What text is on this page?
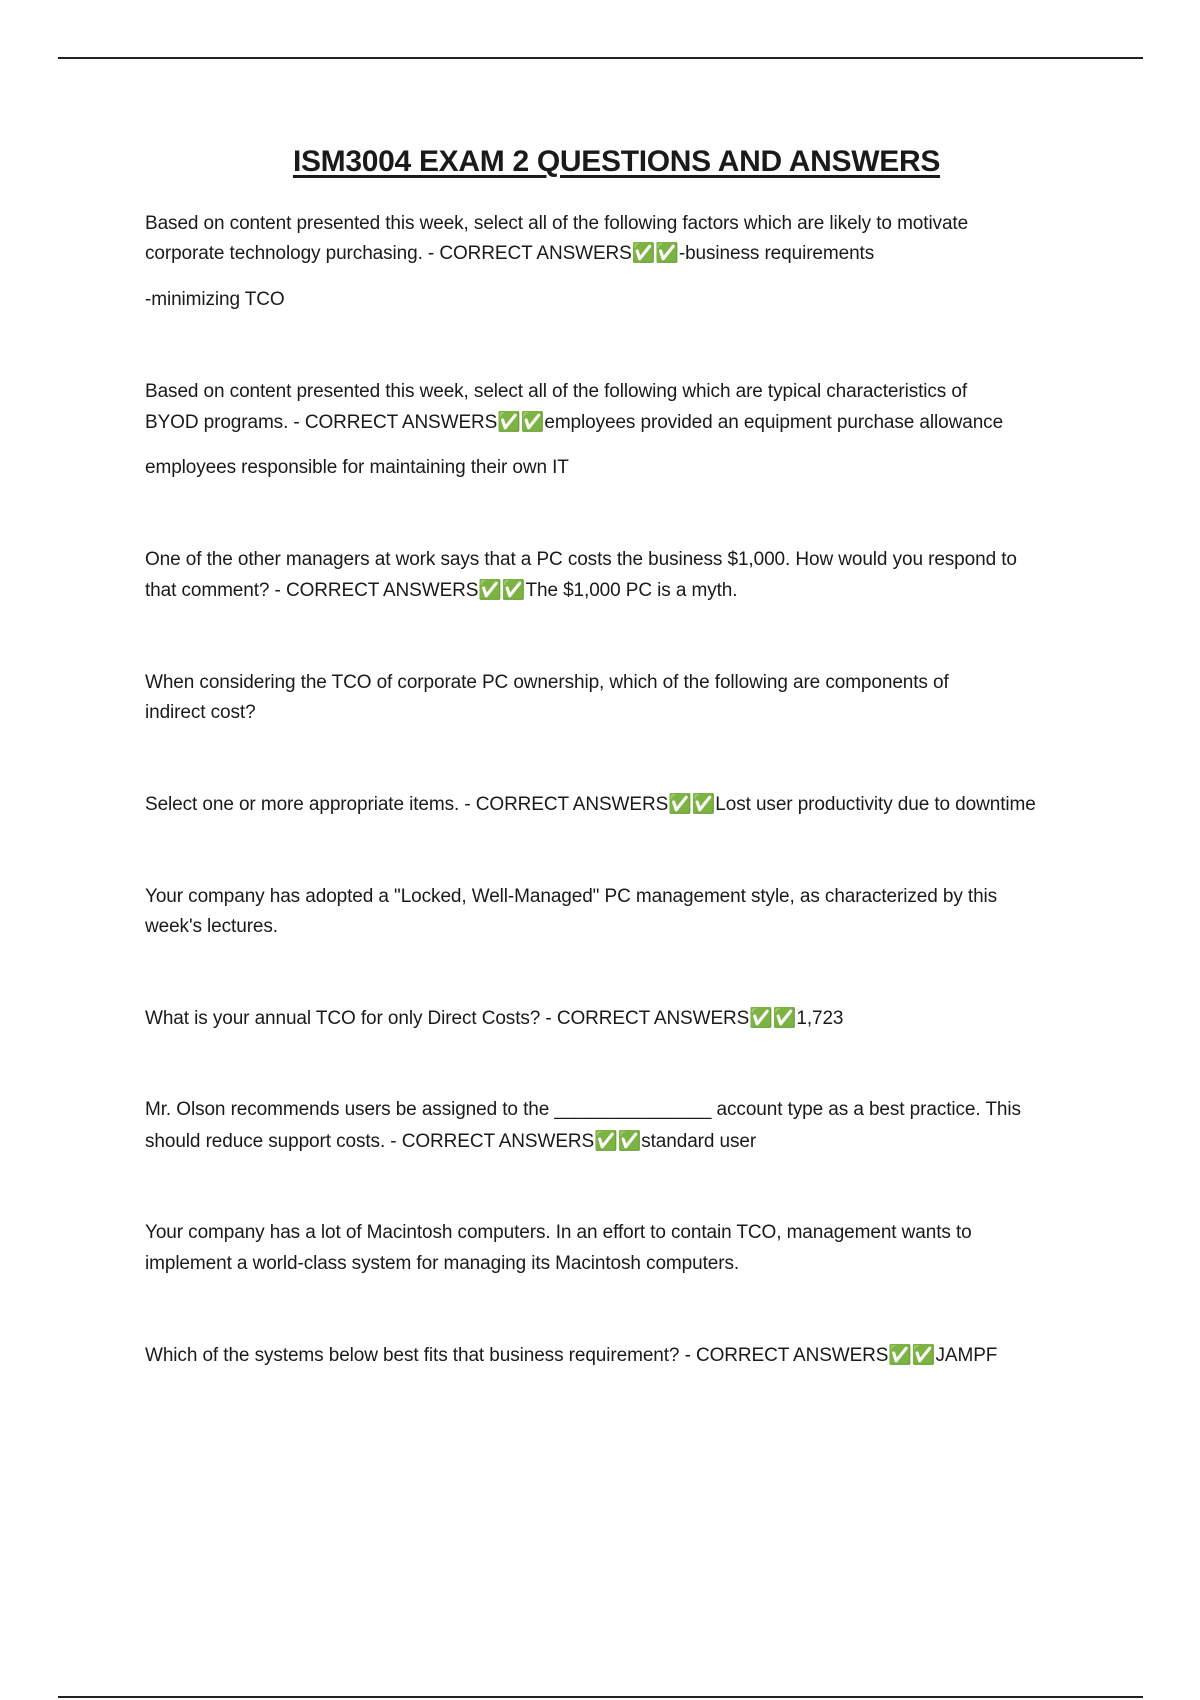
ISM3004 EXAM 2 QUESTIONS AND ANSWERS

Based on content presented this week, select all of the following factors which are likely to motivate

corporate technology purchasing. - CORRECT ANSWERS✅✅-business requirements

-minimizing TCO

Based on content presented this week, select all of the following which are typical characteristics of

BYOD programs. - CORRECT ANSWERS✅✅employees provided an equipment purchase allowance

employees responsible for maintaining their own IT

One of the other managers at work says that a PC costs the business $1,000. How would you respond to

that comment? - CORRECT ANSWERS✅✅The $1,000 PC is a myth.

When considering the TCO of corporate PC ownership, which of the following are components of

indirect cost?

Select one or more appropriate items. - CORRECT ANSWERS✅✅Lost user productivity due to downtime

Your company has adopted a "Locked, Well-Managed" PC management style, as characterized by this

week's lectures.

What is your annual TCO for only Direct Costs? - CORRECT ANSWERS✅✅1,723

Mr. Olson recommends users be assigned to the _______________ account type as a best practice. This

should reduce support costs. - CORRECT ANSWERS✅✅standard user

Your company has a lot of Macintosh computers. In an effort to contain TCO, management wants to

implement a world-class system for managing its Macintosh computers.

Which of the systems below best fits that business requirement? - CORRECT ANSWERS✅✅JAMPF
